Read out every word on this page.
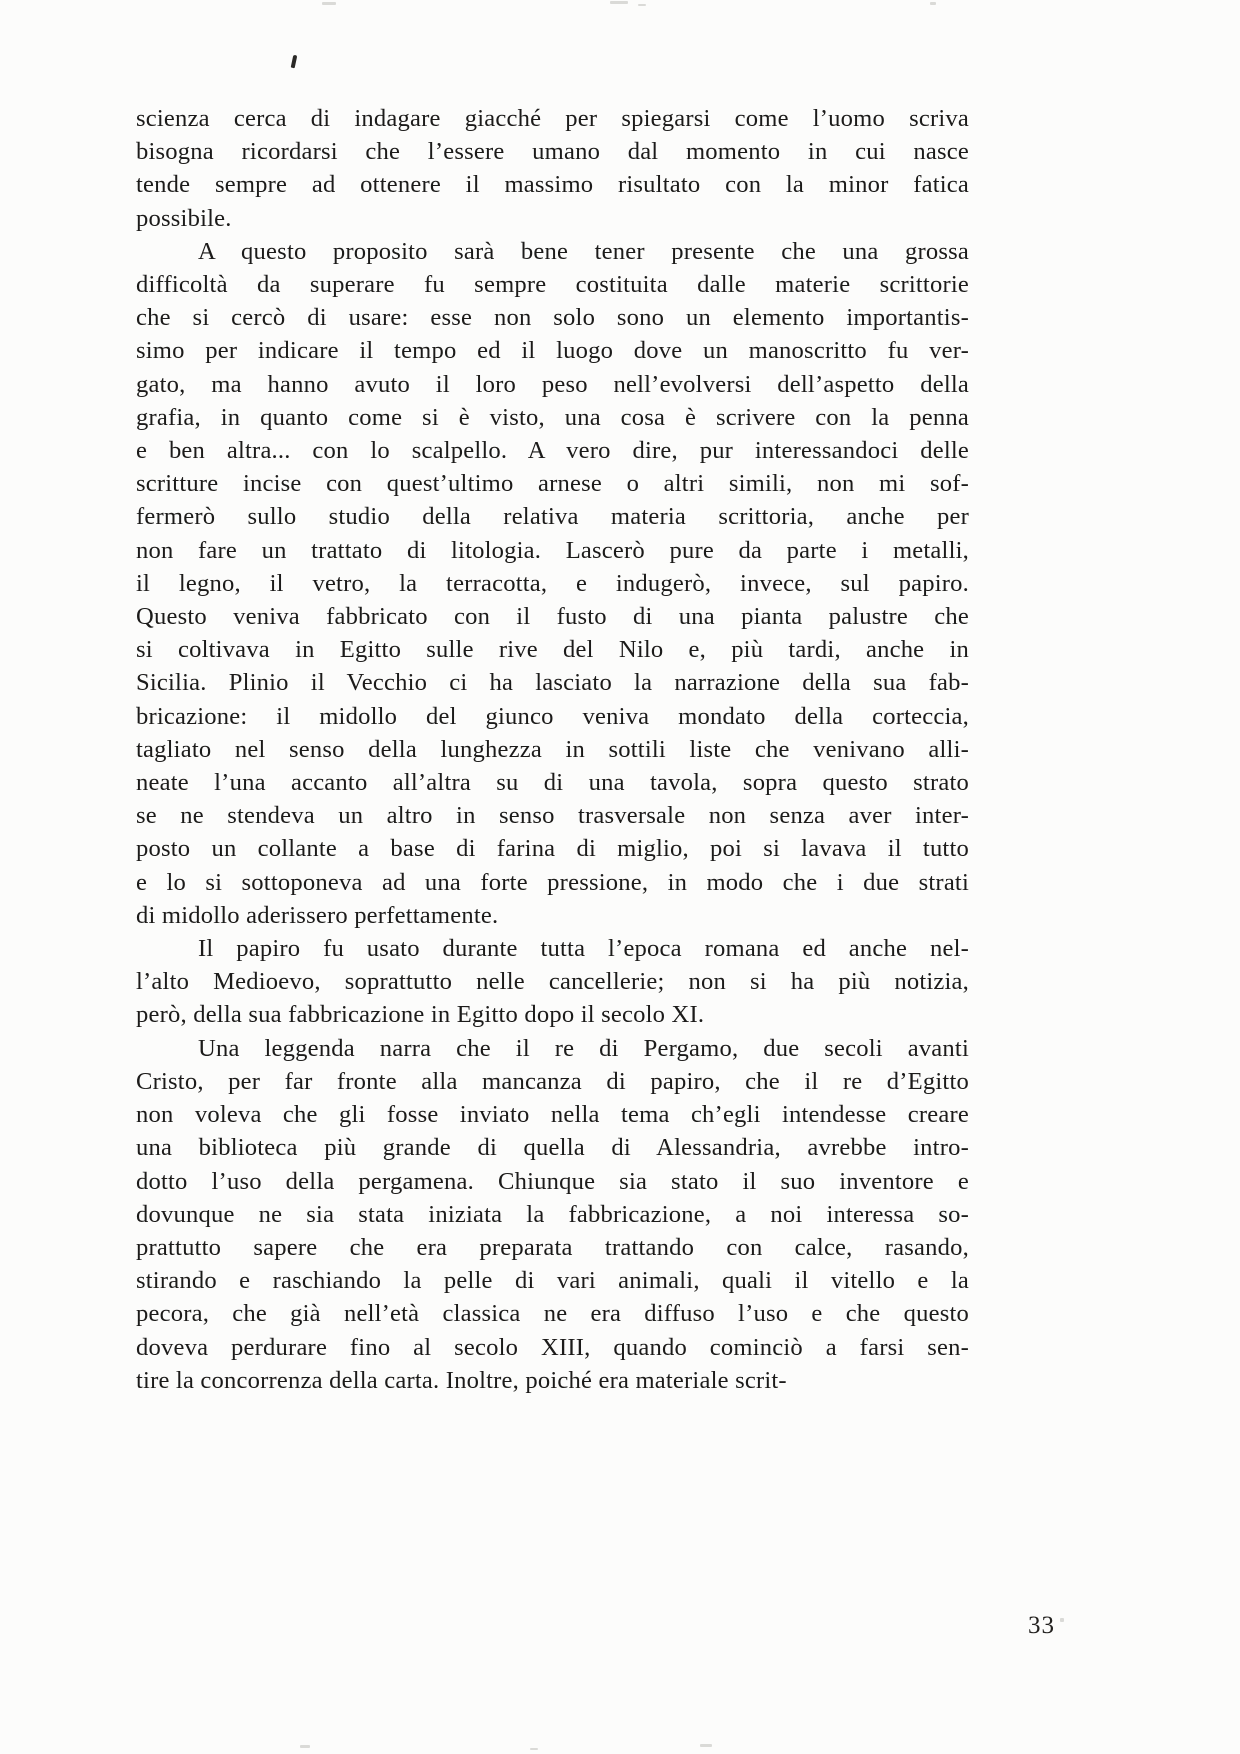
scienza cerca di indagare giacché per spiegarsi come l’uomo scriva
bisogna ricordarsi che l’essere umano dal momento in cui nasce
tende sempre ad ottenere il massimo risultato con la minor fatica
possibile.
A questo proposito sarà bene tener presente che una grossa
difficoltà da superare fu sempre costituita dalle materie scrittorie
che si cercò di usare: esse non solo sono un elemento importantis-
simo per indicare il tempo ed il luogo dove un manoscritto fu ver-
gato, ma hanno avuto il loro peso nell’evolversi dell’aspetto della
grafia, in quanto come si è visto, una cosa è scrivere con la penna
e ben altra... con lo scalpello. A vero dire, pur interessandoci delle
scritture incise con quest’ultimo arnese o altri simili, non mi sof-
fermerò sullo studio della relativa materia scrittoria, anche per
non fare un trattato di litologia. Lascerò pure da parte i metalli,
il legno, il vetro, la terracotta, e indugerò, invece, sul papiro.
Questo veniva fabbricato con il fusto di una pianta palustre che
si coltivava in Egitto sulle rive del Nilo e, più tardi, anche in
Sicilia. Plinio il Vecchio ci ha lasciato la narrazione della sua fab-
bricazione: il midollo del giunco veniva mondato della corteccia,
tagliato nel senso della lunghezza in sottili liste che venivano alli-
neate l’una accanto all’altra su di una tavola, sopra questo strato
se ne stendeva un altro in senso trasversale non senza aver inter-
posto un collante a base di farina di miglio, poi si lavava il tutto
e lo si sottoponeva ad una forte pressione, in modo che i due strati
di midollo aderissero perfettamente.
Il papiro fu usato durante tutta l’epoca romana ed anche nel-
l’alto Medioevo, soprattutto nelle cancellerie; non si ha più notizia,
però, della sua fabbricazione in Egitto dopo il secolo XI.
Una leggenda narra che il re di Pergamo, due secoli avanti
Cristo, per far fronte alla mancanza di papiro, che il re d’Egitto
non voleva che gli fosse inviato nella tema ch’egli intendesse creare
una biblioteca più grande di quella di Alessandria, avrebbe intro-
dotto l’uso della pergamena. Chiunque sia stato il suo inventore e
dovunque ne sia stata iniziata la fabbricazione, a noi interessa so-
prattutto sapere che era preparata trattando con calce, rasando,
stirando e raschiando la pelle di vari animali, quali il vitello e la
pecora, che già nell’età classica ne era diffuso l’uso e che questo
doveva perdurare fino al secolo XIII, quando cominciò a farsi sen-
tire la concorrenza della carta. Inoltre, poiché era materiale scrit-
33
